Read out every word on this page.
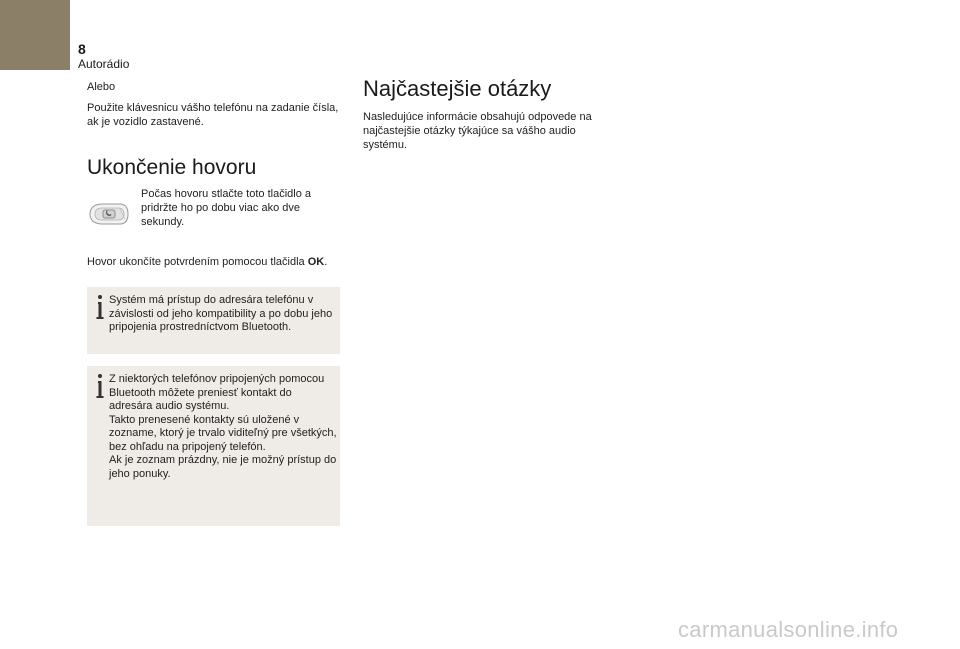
8
Autorádio
Alebo
Použite klávesnicu vášho telefónu na zadanie čísla, ak je vozidlo zastavené.
Ukončenie hovoru
Počas hovoru stlačte toto tlačidlo a pridržte ho po dobu viac ako dve sekundy.
Hovor ukončíte potvrdením pomocou tlačidla OK.
Systém má prístup do adresára telefónu v závislosti od jeho kompatibility a po dobu jeho pripojenia prostredníctvom Bluetooth.
Z niektorých telefónov pripojených pomocou Bluetooth môžete preniesť kontakt do adresára audio systému.
Takto prenesené kontakty sú uložené v zozname, ktorý je trvalo viditeľný pre všetkých, bez ohľadu na pripojený telefón.
Ak je zoznam prázdny, nie je možný prístup do jeho ponuky.
Najčastejšie otázky
Nasledujúce informácie obsahujú odpovede na najčastejšie otázky týkajúce sa vášho audio systému.
carmanualsonline.info
